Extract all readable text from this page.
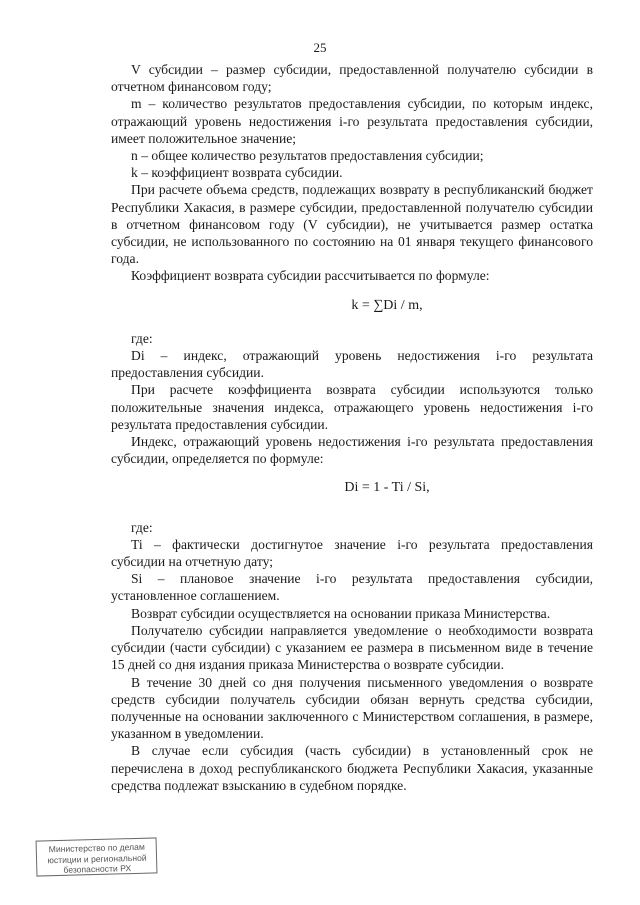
25

V субсидии – размер субсидии, предоставленной получателю субсидии в отчетном финансовом году;

m – количество результатов предоставления субсидии, по которым индекс, отражающий уровень недостижения i-го результата предоставления субсидии, имеет положительное значение;

n – общее количество результатов предоставления субсидии;

k – коэффициент возврата субсидии.

При расчете объема средств, подлежащих возврату в республиканский бюджет Республики Хакасия, в размере субсидии, предоставленной получателю субсидии в отчетном финансовом году (V субсидии), не учитывается размер остатка субсидии, не использованного по состоянию на 01 января текущего финансового года.

Коэффициент возврата субсидии рассчитывается по формуле:

k = ∑Di / m,

где:

Di – индекс, отражающий уровень недостижения i-го результата предоставления субсидии.

При расчете коэффициента возврата субсидии используются только положительные значения индекса, отражающего уровень недостижения i-го результата предоставления субсидии.

Индекс, отражающий уровень недостижения i-го результата предоставления субсидии, определяется по формуле:

Di = 1 - Ti / Si,

где:

Ti – фактически достигнутое значение i-го результата предоставления субсидии на отчетную дату;

Si – плановое значение i-го результата предоставления субсидии, установленное соглашением.

Возврат субсидии осуществляется на основании приказа Министерства.

Получателю субсидии направляется уведомление о необходимости возврата субсидии (части субсидии) с указанием ее размера в письменном виде в течение 15 дней со дня издания приказа Министерства о возврате субсидии.

В течение 30 дней со дня получения письменного уведомления о возврате средств субсидии получатель субсидии обязан вернуть средства субсидии, полученные на основании заключенного с Министерством соглашения, в размере, указанном в уведомлении.

В случае если субсидия (часть субсидии) в установленный срок не перечислена в доход республиканского бюджета Республики Хакасия, указанные средства подлежат взысканию в судебном порядке.

Министерство по делам
юстиции и региональной
безопасности РХ
